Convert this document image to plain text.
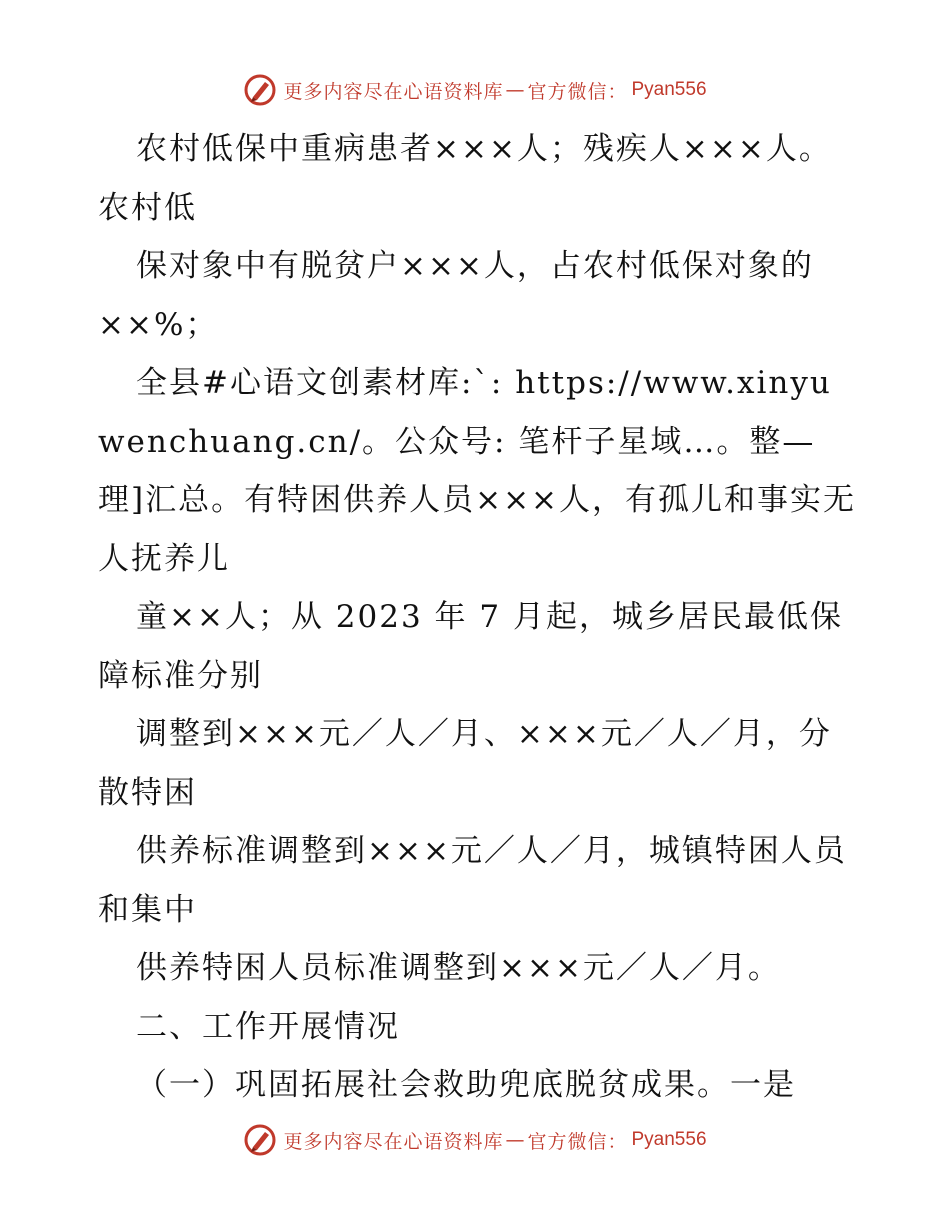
更多内容尽在心语资料库 — 官方微信： Pyan556

农村低保中重病患者×××人；残疾人×××人。农村低

保对象中有脱贫户×××人，占农村低保对象的××%；

全县#心语文创素材库:`: https://www.xinyuwenchuang.cn/。公众号: 笔杆子星域…。整—理]汇总。有特困供养人员×××人，有孤儿和事实无人抚养儿

童××人；从 2023 年 7 月起，城乡居民最低保障标准分别

调整到×××元／人／月、×××元／人／月，分散特困

供养标准调整到×××元／人／月，城镇特困人员和集中

供养特困人员标准调整到×××元／人／月。

二、工作开展情况

（一）巩固拓展社会救助兜底脱贫成果。一是

更多内容尽在心语资料库 — 官方微信： Pyan556
